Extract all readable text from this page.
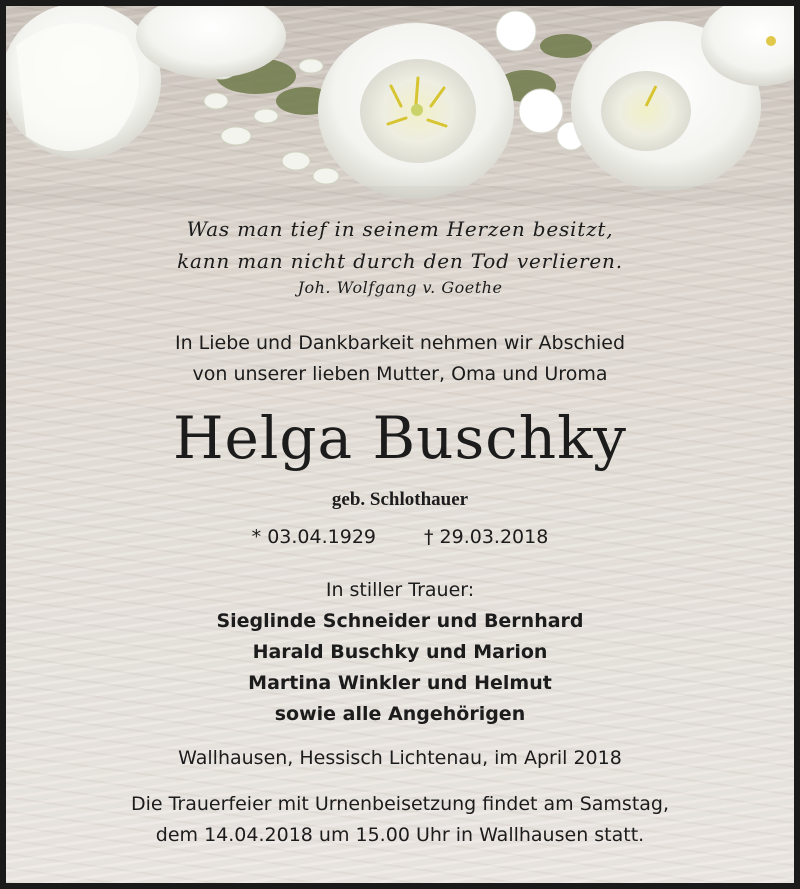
Was man tief in seinem Herzen besitzt,
kann man nicht durch den Tod verlieren.
Joh. Wolfgang v. Goethe
In Liebe und Dankbarkeit nehmen wir Abschied
von unserer lieben Mutter, Oma und Uroma
Helga Buschky
geb. Schlothauer
* 03.04.1929	† 29.03.2018
In stiller Trauer:
Sieglinde Schneider und Bernhard
Harald Buschky und Marion
Martina Winkler und Helmut
sowie alle Angehörigen
Wallhausen, Hessisch Lichtenau, im April 2018
Die Trauerfeier mit Urnenbeisetzung findet am Samstag,
dem 14.04.2018 um 15.00 Uhr in Wallhausen statt.
